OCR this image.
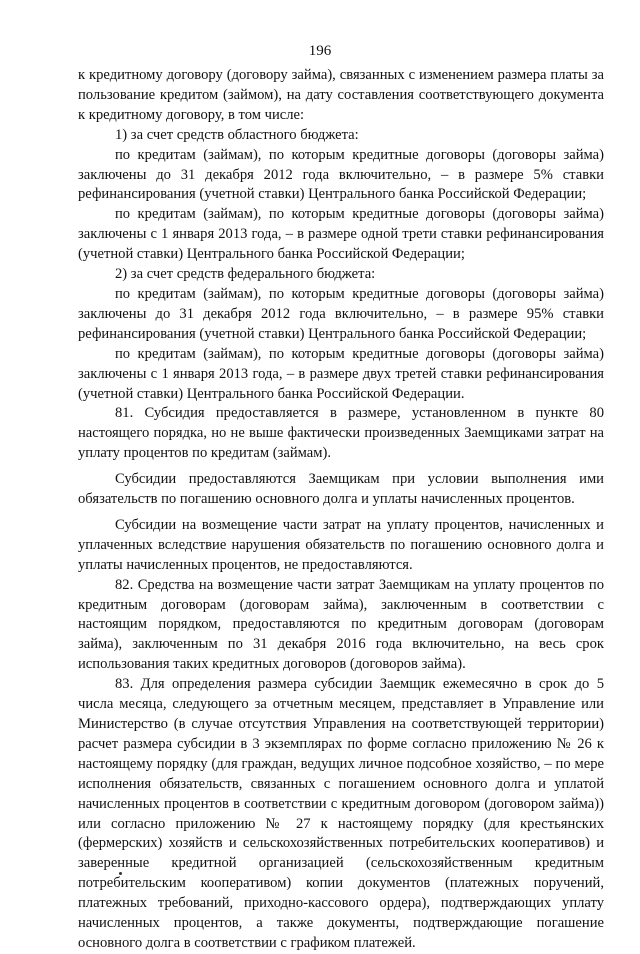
196

к кредитному договору (договору займа), связанных с изменением размера платы за пользование кредитом (займом), на дату составления соответствующего документа к кредитному договору, в том числе:

1) за счет средств областного бюджета:

по кредитам (займам), по которым кредитные договоры (договоры займа) заключены до 31 декабря 2012 года включительно, – в размере 5% ставки рефинансирования (учетной ставки) Центрального банка Российской Федерации;

по кредитам (займам), по которым кредитные договоры (договоры займа) заключены с 1 января 2013 года, – в размере одной трети ставки рефинансирования (учетной ставки) Центрального банка Российской Федерации;

2) за счет средств федерального бюджета:

по кредитам (займам), по которым кредитные договоры (договоры займа) заключены до 31 декабря 2012 года включительно, – в размере 95% ставки рефинансирования (учетной ставки) Центрального банка Российской Федерации;

по кредитам (займам), по которым кредитные договоры (договоры займа) заключены с 1 января 2013 года, – в размере двух третей ставки рефинансирования (учетной ставки) Центрального банка Российской Федерации.

81. Субсидия предоставляется в размере, установленном в пункте 80 настоящего порядка, но не выше фактически произведенных Заемщиками затрат на уплату процентов по кредитам (займам).

Субсидии предоставляются Заемщикам при условии выполнения ими обязательств по погашению основного долга и уплаты начисленных процентов.

Субсидии на возмещение части затрат на уплату процентов, начисленных и уплаченных вследствие нарушения обязательств по погашению основного долга и уплаты начисленных процентов, не предоставляются.

82. Средства на возмещение части затрат Заемщикам на уплату процентов по кредитным договорам (договорам займа), заключенным в соответствии с настоящим порядком, предоставляются по кредитным договорам (договорам займа), заключенным по 31 декабря 2016 года включительно, на весь срок использования таких кредитных договоров (договоров займа).

83. Для определения размера субсидии Заемщик ежемесячно в срок до 5 числа месяца, следующего за отчетным месяцем, представляет в Управление или Министерство (в случае отсутствия Управления на соответствующей территории) расчет размера субсидии в 3 экземплярах по форме согласно приложению № 26 к настоящему порядку (для граждан, ведущих личное подсобное хозяйство, – по мере исполнения обязательств, связанных с погашением основного долга и уплатой начисленных процентов в соответствии с кредитным договором (договором займа)) или согласно приложению № 27 к настоящему порядку (для крестьянских (фермерских) хозяйств и сельскохозяйственных потребительских кооперативов) и заверенные кредитной организацией (сельскохозяйственным кредитным потребительским кооперативом) копии документов (платежных поручений, платежных требований, приходно-кассового ордера), подтверждающих уплату начисленных процентов, а также документы, подтверждающие погашение основного долга в соответствии с графиком платежей.
